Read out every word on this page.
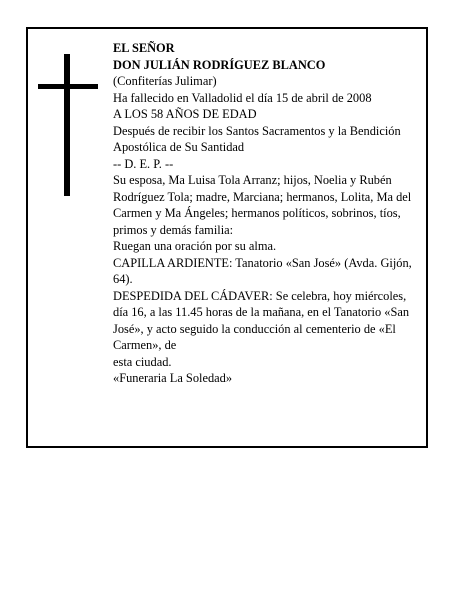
EL SEÑOR

DON JULIÁN RODRÍGUEZ BLANCO

(Confiterías Julimar)

Ha fallecido en Valladolid el día 15 de abril de 2008

A LOS 58 AÑOS DE EDAD

Después de recibir los Santos Sacramentos y la Bendición Apostólica de Su Santidad

-- D. E. P. --

Su esposa, Ma Luisa Tola Arranz; hijos, Noelia y Rubén Rodríguez Tola; madre, Marciana; hermanos, Lolita, Ma del Carmen y Ma Ángeles; hermanos políticos, sobrinos, tíos, primos y demás familia:

Ruegan una oración por su alma.

CAPILLA ARDIENTE: Tanatorio «San José» (Avda. Gijón, 64).

DESPEDIDA DEL CÁDAVER: Se celebra, hoy miércoles, día 16, a las 11.45 horas de la mañana, en el Tanatorio «San José», y acto seguido la conducción al cementerio de «El Carmen», de

esta ciudad.

«Funeraria La Soledad»
